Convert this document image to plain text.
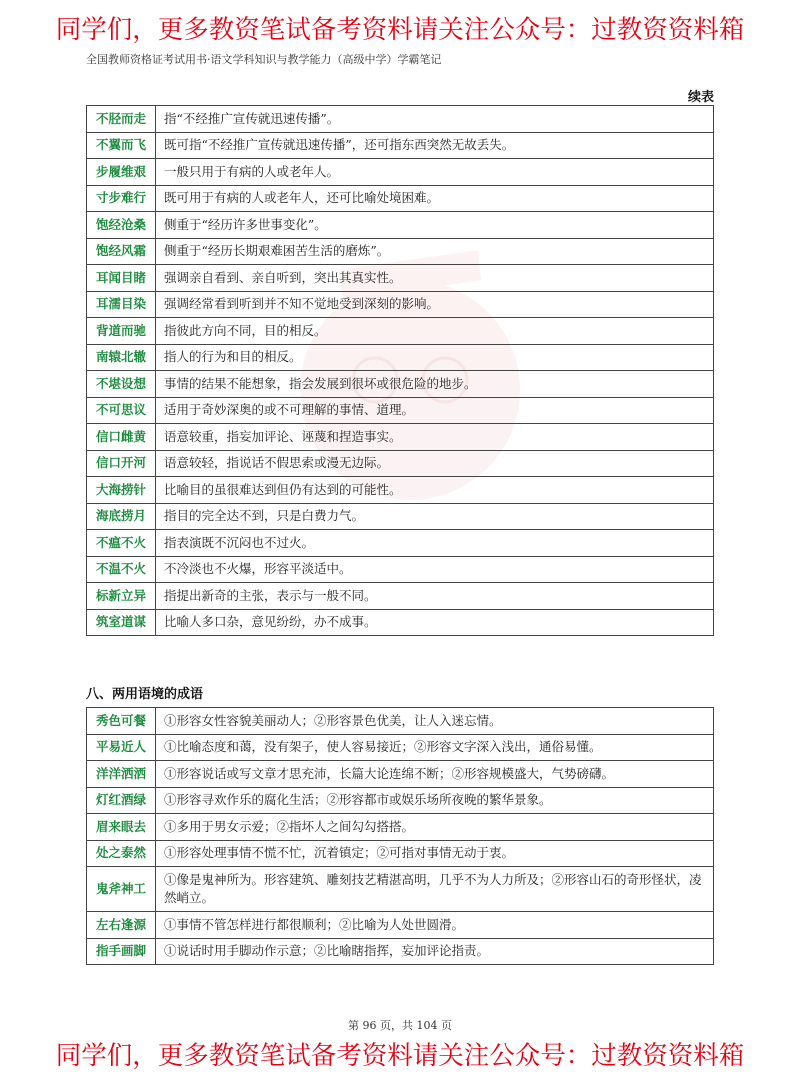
同学们，更多教资笔试备考资料请关注公众号：过教资资料箱
全国教师资格证考试用书·语文学科知识与教学能力（高级中学）学霸笔记
续表
不胫而走	指“不经推广宣传就迅速传播”。
不翼而飞	既可指“不经推广宣传就迅速传播”，还可指东西突然无故丢失。
步履维艰	一般只用于有病的人或老年人。
寸步难行	既可用于有病的人或老年人，还可比喻处境困难。
饱经沧桑	侧重于“经历许多世事变化”。
饱经风霜	侧重于“经历长期艰难困苦生活的磨炼”。
耳闻目睹	强调亲自看到、亲自听到，突出其真实性。
耳濡目染	强调经常看到听到并不知不觉地受到深刻的影响。
背道而驰	指彼此方向不同，目的相反。
南辕北辙	指人的行为和目的相反。
不堪设想	事情的结果不能想象，指会发展到很坏或很危险的地步。
不可思议	适用于奇妙深奥的或不可理解的事情、道理。
信口雌黄	语意较重，指妄加评论、诬蔑和捏造事实。
信口开河	语意较轻，指说话不假思索或漫无边际。
大海捞针	比喻目的虽很难达到但仍有达到的可能性。
海底捞月	指目的完全达不到，只是白费力气。
不瘟不火	指表演既不沉闷也不过火。
不温不火	不冷淡也不火爆，形容平淡适中。
标新立异	指提出新奇的主张，表示与一般不同。
筑室道谋	比喻人多口杂，意见纷纷，办不成事。
八、两用语境的成语
秀色可餐	①形容女性容貌美丽动人；②形容景色优美，让人入迷忘情。
平易近人	①比喻态度和蔼，没有架子，使人容易接近；②形容文字深入浅出，通俗易懂。
洋洋洒洒	①形容说话或写文章才思充沛，长篇大论连绵不断；②形容规模盛大，气势磅礴。
灯红酒绿	①形容寻欢作乐的腐化生活；②形容都市或娱乐场所夜晚的繁华景象。
眉来眼去	①多用于男女示爱；②指坏人之间勾勾搭搭。
处之泰然	①形容处理事情不慌不忙，沉着镇定；②可指对事情无动于衷。
鬼斧神工	①像是鬼神所为。形容建筑、雕刻技艺精湛高明，几乎不为人力所及；②形容山石的奇形怪状，凌然峭立。
左右逢源	①事情不管怎样进行都很顺利；②比喻为人处世圆滑。
指手画脚	①说话时用手脚动作示意；②比喻瞎指挥，妄加评论指责。
第 96 页，共 104 页
同学们，更多教资笔试备考资料请关注公众号：过教资资料箱
